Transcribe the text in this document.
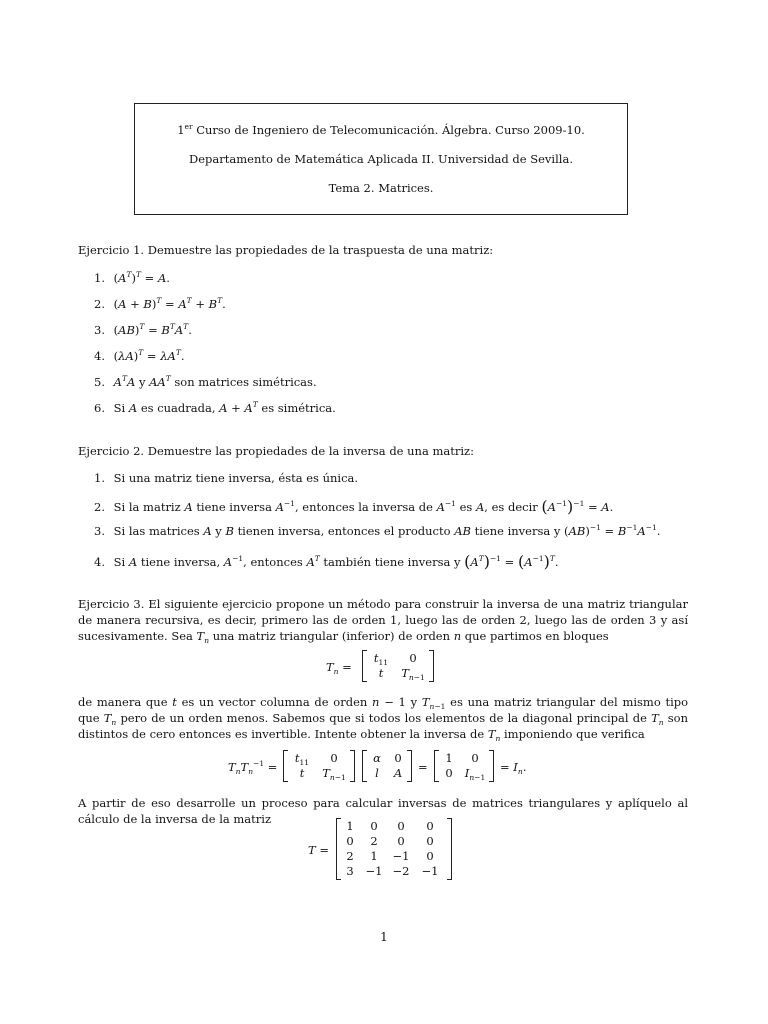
1er Curso de Ingeniero de Telecomunicación. Álgebra. Curso 2009-10.
Departamento de Matemática Aplicada II. Universidad de Sevilla.
Tema 2. Matrices.
Ejercicio 1. Demuestre las propiedades de la traspuesta de una matriz:
1. $(A^T)^T = A$.
2. $(A + B)^T = A^T + B^T$.
3. $(AB)^T = B^TA^T$.
4. $(\lambda A)^T = \lambda A^T$.
5. $A^TA$ y $AA^T$ son matrices simétricas.
6. Si A es cuadrada, $A + A^T$ es simétrica.
Ejercicio 2. Demuestre las propiedades de la inversa de una matriz:
1. Si una matriz tiene inversa, ésta es única.
2. Si la matriz A tiene inversa $A^{-1}$, entonces la inversa de $A^{-1}$ es A, es decir $(A^{-1})^{-1} = A$.
3. Si las matrices A y B tienen inversa, entonces el producto AB tiene inversa y $(AB)^{-1} = B^{-1}A^{-1}$.
4. Si A tiene inversa, $A^{-1}$, entonces $A^T$ también tiene inversa y $(A^T)^{-1} = (A^{-1})^T$.
Ejercicio 3. El siguiente ejercicio propone un método para construir la inversa de una matriz triangular de manera recursiva, es decir, primero las de orden 1, luego las de orden 2, luego las de orden 3 y así sucesivamente. Sea $T_n$ una matriz triangular (inferior) de orden n que partimos en bloques
$T_n$ =
$t_{11}$	0
t	$T_{n-1}$
de manera que t es un vector columna de orden n − 1 y $T_{n-1}$ es una matriz triangular del mismo tipo que $T_n$ pero de un orden menos. Sabemos que si todos los elementos de la diagonal principal de $T_n$ son distintos de cero entonces es invertible. Intente obtener la inversa de $T_n$ imponiendo que verifica
$T_nT_n^{-1}$ =
$t_{11}$	0
t	$T_{n-1}$
α	0
l	A	=
1	0
0	$I_{n-1}$
= $I_n$.
A partir de eso desarrolle un proceso para calcular inversas de matrices triangulares y aplíquelo al cálculo de la inversa de la matriz
T =
1	0	0	0
0	2	0	0
2	1	−1	0
3	−1 −2	−1
1
